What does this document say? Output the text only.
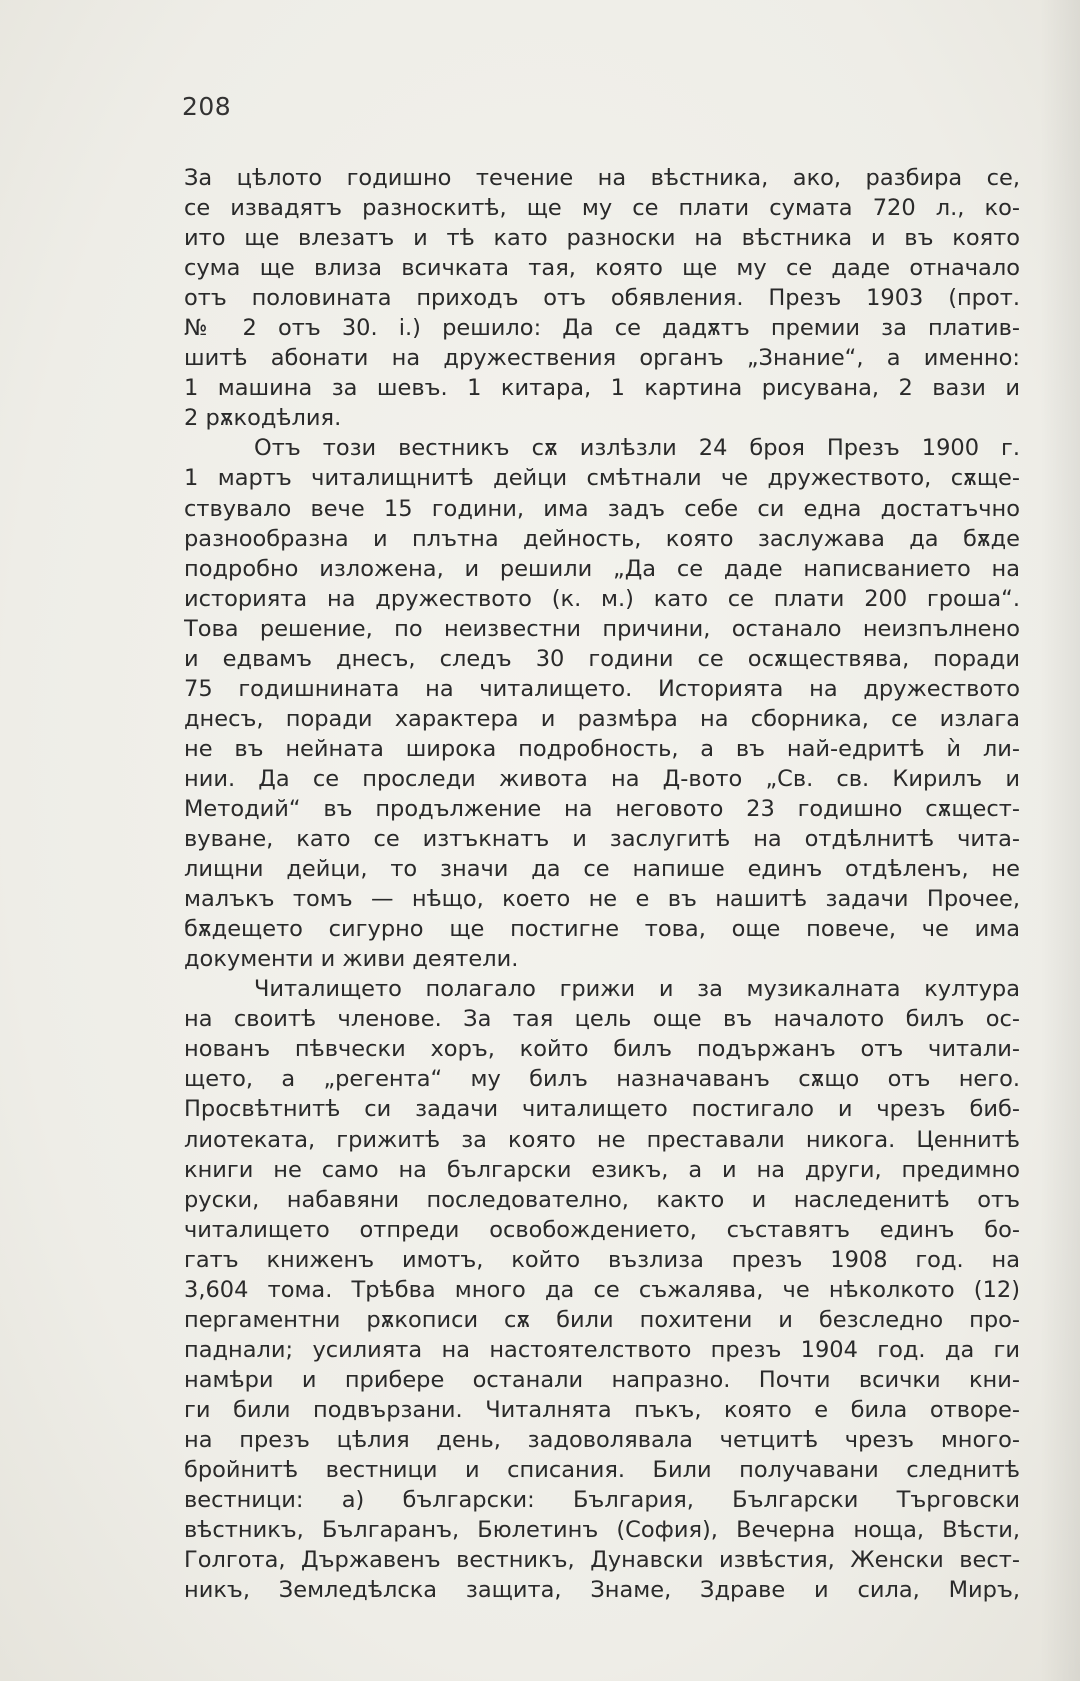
208
За цѣлото годишно течение на вѣстника, ако, разбира се,
се извадятъ разноскитѣ, ще му се плати сумата 720 л., ко-
ито ще влезатъ и тѣ като разноски на вѣстника и въ която
сума ще влиза всичката тая, която ще му се даде отначало
отъ половината приходъ отъ обявления. Презъ 1903 (прот.
№ 2 отъ 30. і.) решило: Да се дадѫтъ премии за платив-
шитѣ абонати на дружествения органъ „Знание“, а именно:
1 машина за шевъ. 1 китара, 1 картина рисувана, 2 вази и
2 рѫкодѣлия.
Отъ този вестникъ сѫ излѣзли 24 броя Презъ 1900 г.
1 мартъ читалищнитѣ дейци смѣтнали че дружеството, сѫще-
ствувало вече 15 години, има задъ себе си една достатъчно
разнообразна и плътна дейность, която заслужава да бѫде
подробно изложена, и решили „Да се даде написванието на
историята на дружеството (к. м.) като се плати 200 гроша“.
Това решение, по неизвестни причини, останало неизпълнено
и едвамъ днесъ, следъ 30 години се осѫществява, поради
75 годишнината на читалището. Историята на дружеството
днесъ, поради характера и размѣра на сборника, се излага
не въ нейната широка подробность, а въ най-едритѣ ѝ ли-
нии. Да се проследи живота на Д-вото „Св. св. Кирилъ и
Методий“ въ продължение на неговото 23 годишно сѫщест-
вуване, като се изтъкнатъ и заслугитѣ на отдѣлнитѣ чита-
лищни дейци, то значи да се напише единъ отдѣленъ, не
малъкъ томъ — нѣщо, което не е въ нашитѣ задачи Прочее,
бѫдещето сигурно ще постигне това, още повече, че има
документи и живи деятели.
Читалището полагало грижи и за музикалната култура
на своитѣ членове. За тая цель още въ началото билъ ос-
нованъ пѣвчески хоръ, който билъ подържанъ отъ читали-
щето, а „регента“ му билъ назначаванъ сѫщо отъ него.
Просвѣтнитѣ си задачи читалището постигало и чрезъ биб-
лиотеката, грижитѣ за която не преставали никога. Ценнитѣ
книги не само на български езикъ, а и на други, предимно
руски, набавяни последователно, както и наследенитѣ отъ
читалището отпреди освобождението, съставятъ единъ бо-
гатъ книженъ имотъ, който възлиза презъ 1908 год. на
3,604 тома. Трѣбва много да се съжалява, че нѣколкото (12)
пергаментни рѫкописи сѫ били похитени и безследно про-
паднали; усилията на настоятелството презъ 1904 год. да ги
намѣри и прибере останали напразно. Почти всички кни-
ги били подвързани. Читалнята пъкъ, която е била отворе-
на презъ цѣлия день, задоволявала четцитѣ чрезъ много-
бройнитѣ вестници и списания. Били получавани следнитѣ
вестници: а) български: България, Български Търговски
вѣстникъ, Българанъ, Бюлетинъ (София), Вечерна ноща, Вѣсти,
Голгота, Държавенъ вестникъ, Дунавски извѣстия, Женски вест-
никъ, Земледѣлска защита, Знаме, Здраве и сила, Миръ,
